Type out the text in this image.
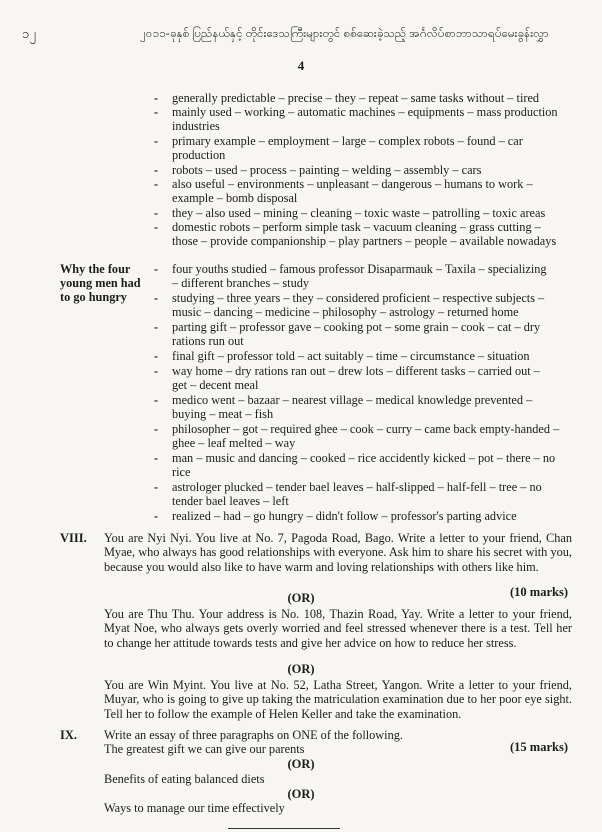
၁၂	၂၀၁၁-ခုနှစ် ပြည်နယ်နှင့် တိုင်းဒေသကြီးများတွင် စစ်ဆေးခဲ့သည့် အင်္ဂလိပ်စာဘာသာရပ်မေးခွန်းလွှာ
4
- generally predictable – precise – they – repeat – same tasks without – tired
- mainly used – working – automatic machines – equipments – mass production
industries
- primary example – employment – large – complex robots – found – car
production
- robots – used – process – painting – welding – assembly – cars
- also useful – environments – unpleasant – dangerous – humans to work –
example – bomb disposal
- they – also used – mining – cleaning – toxic waste – patrolling – toxic areas
- domestic robots – perform simple task – vacuum cleaning – grass cutting –
those – provide companionship – play partners – people – available nowadays
Why the four young men had to go hungry
- four youths studied – famous professor Disaparmauk – Taxila – specializing
– different branches – study
- studying – three years – they – considered proficient – respective subjects –
music – dancing – medicine – philosophy – astrology – returned home
- parting gift – professor gave – cooking pot – some grain – cook – cat – dry
rations run out
- final gift – professor told – act suitably – time – circumstance – situation
- way home – dry rations ran out – drew lots – different tasks – carried out –
get – decent meal
- medico went – bazaar – nearest village – medical knowledge prevented –
buying – meat – fish
- philosopher – got – required ghee – cook – curry – came back empty-handed –
ghee – leaf melted – way
- man – music and dancing – cooked – rice accidently kicked – pot – there – no
rice
- astrologer plucked – tender bael leaves – half-slipped – half-fell – tree – no
tender bael leaves – left
- realized – had – go hungry – didn't follow – professor's parting advice
VIII. You are Nyi Nyi. You live at No. 7, Pagoda Road, Bago. Write a letter to your friend, Chan Myae, who always has good relationships with everyone. Ask him to share his secret with you, because you would also like to have warm and loving relationships with others like him.
(10 marks)
(OR)
You are Thu Thu. Your address is No. 108, Thazin Road, Yay. Write a letter to your friend, Myat Noe, who always gets overly worried and feel stressed whenever there is a test. Tell her to change her attitude towards tests and give her advice on how to reduce her stress.
(OR)
You are Win Myint. You live at No. 52, Latha Street, Yangon. Write a letter to your friend, Muyar, who is going to give up taking the matriculation examination due to her poor eye sight. Tell her to follow the example of Helen Keller and take the examination.
IX. Write an essay of three paragraphs on ONE of the following.
(15 marks)
The greatest gift we can give our parents
(OR)
Benefits of eating balanced diets
(OR)
Ways to manage our time effectively
